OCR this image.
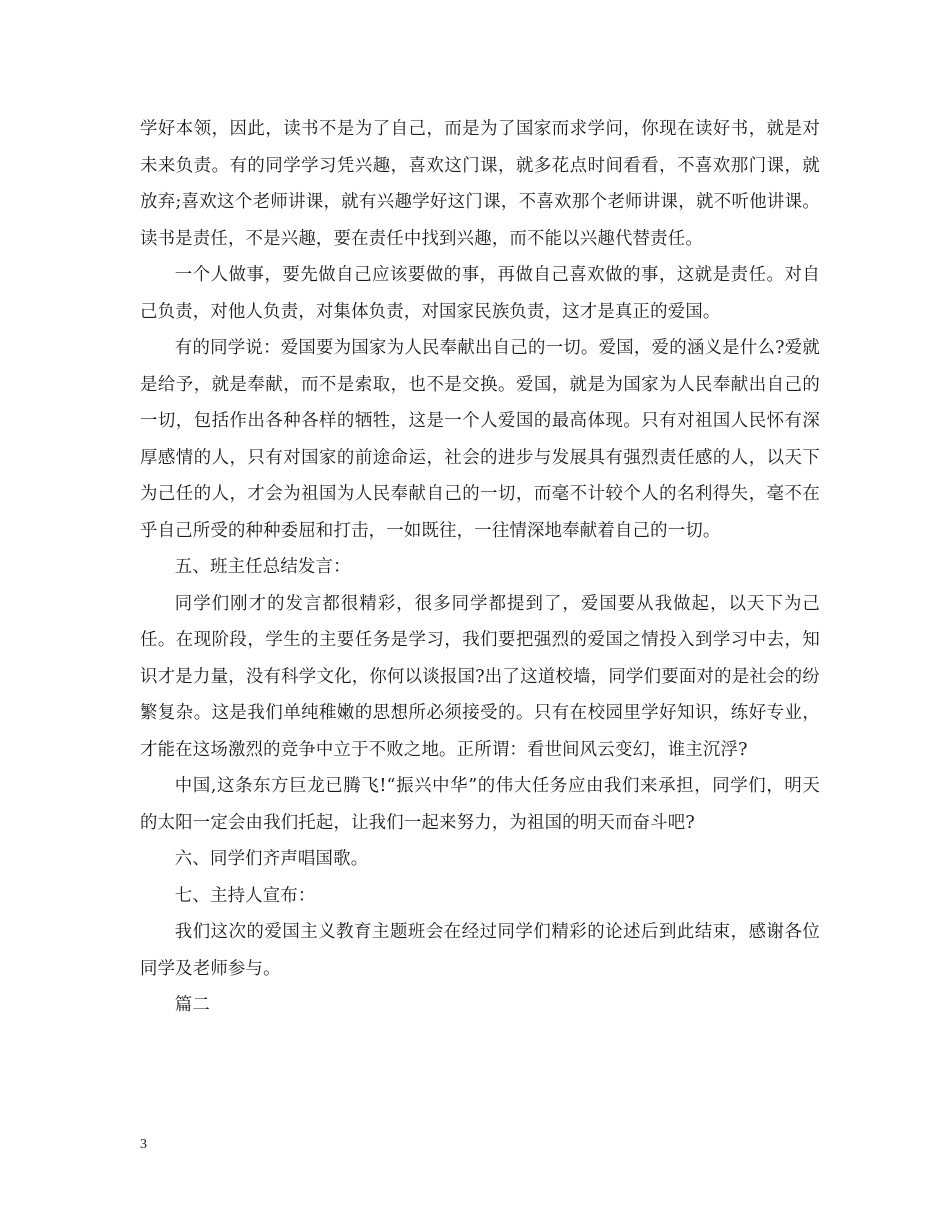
学好本领，因此，读书不是为了自己，而是为了国家而求学问，你现在读好书，就是对未来负责。有的同学学习凭兴趣，喜欢这门课，就多花点时间看看，不喜欢那门课，就放弃;喜欢这个老师讲课，就有兴趣学好这门课，不喜欢那个老师讲课，就不听他讲课。读书是责任，不是兴趣，要在责任中找到兴趣，而不能以兴趣代替责任。

一个人做事，要先做自己应该要做的事，再做自己喜欢做的事，这就是责任。对自己负责，对他人负责，对集体负责，对国家民族负责，这才是真正的爱国。

有的同学说：爱国要为国家为人民奉献出自己的一切。爱国，爱的涵义是什么?爱就是给予，就是奉献，而不是索取，也不是交换。爱国，就是为国家为人民奉献出自己的一切，包括作出各种各样的牺牲，这是一个人爱国的最高体现。只有对祖国人民怀有深厚感情的人，只有对国家的前途命运，社会的进步与发展具有强烈责任感的人，以天下为己任的人，才会为祖国为人民奉献自己的一切，而毫不计较个人的名利得失，毫不在乎自己所受的种种委屈和打击，一如既往，一往情深地奉献着自己的一切。

五、班主任总结发言：

同学们刚才的发言都很精彩，很多同学都提到了，爱国要从我做起，以天下为己任。在现阶段，学生的主要任务是学习，我们要把强烈的爱国之情投入到学习中去，知识才是力量，没有科学文化，你何以谈报国?出了这道校墙，同学们要面对的是社会的纷繁复杂。这是我们单纯稚嫩的思想所必须接受的。只有在校园里学好知识，练好专业，才能在这场激烈的竞争中立于不败之地。正所谓：看世间风云变幻，谁主沉浮?

中国,这条东方巨龙已腾飞!“振兴中华”的伟大任务应由我们来承担，同学们，明天的太阳一定会由我们托起，让我们一起来努力，为祖国的明天而奋斗吧?

六、同学们齐声唱国歌。

七、主持人宣布：

我们这次的爱国主义教育主题班会在经过同学们精彩的论述后到此结束，感谢各位同学及老师参与。

篇二

3
